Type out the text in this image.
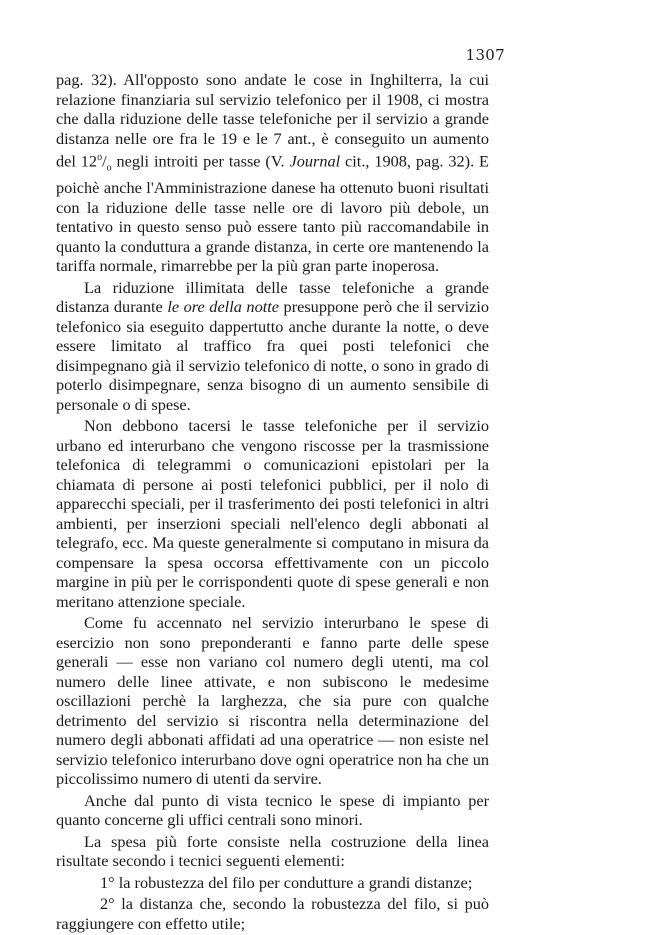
1307

pag. 32). All'opposto sono andate le cose in Inghilterra, la cui relazione finanziaria sul servizio telefonico per il 1908, ci mostra che dalla riduzione delle tasse telefoniche per il servizio a grande distanza nelle ore fra le 19 e le 7 ant., è conseguito un aumento del $12^o/_o$ negli introiti per tasse (V. Journal cit., 1908, pag. 32). E poichè anche l'Amministrazione danese ha ottenuto buoni risultati con la riduzione delle tasse nelle ore di lavoro più debole, un tentativo in questo senso può essere tanto più raccomandabile in quanto la conduttura a grande distanza, in certe ore mantenendo la tariffa normale, rimarrebbe per la più gran parte inoperosa.

La riduzione illimitata delle tasse telefoniche a grande distanza durante le ore della notte presuppone però che il servizio telefonico sia eseguito dappertutto anche durante la notte, o deve essere limitato al traffico fra quei posti telefonici che disimpegnano già il servizio telefonico di notte, o sono in grado di poterlo disimpegnare, senza bisogno di un aumento sensibile di personale o di spese.

Non debbono tacersi le tasse telefoniche per il servizio urbano ed interurbano che vengono riscosse per la trasmissione telefonica di telegrammi o comunicazioni epistolari per la chiamata di persone ai posti telefonici pubblici, per il nolo di apparecchi speciali, per il trasferimento dei posti telefonici in altri ambienti, per inserzioni speciali nell'elenco degli abbonati al telegrafo, ecc. Ma queste generalmente si computano in misura da compensare la spesa occorsa effettivamente con un piccolo margine in più per le corrispondenti quote di spese generali e non meritano attenzione speciale.

Come fu accennato nel servizio interurbano le spese di esercizio non sono preponderanti e fanno parte delle spese generali — esse non variano col numero degli utenti, ma col numero delle linee attivate, e non subiscono le medesime oscillazioni perchè la larghezza, che sia pure con qualche detrimento del servizio si riscontra nella determinazione del numero degli abbonati affidati ad una operatrice — non esiste nel servizio telefonico interurbano dove ogni operatrice non ha che un piccolissimo numero di utenti da servire.

Anche dal punto di vista tecnico le spese di impianto per quanto concerne gli uffici centrali sono minori.

La spesa più forte consiste nella costruzione della linea risultate secondo i tecnici seguenti elementi:

1° la robustezza del filo per condutture a grandi distanze;

2° la distanza che, secondo la robustezza del filo, si può raggiungere con effetto utile;
